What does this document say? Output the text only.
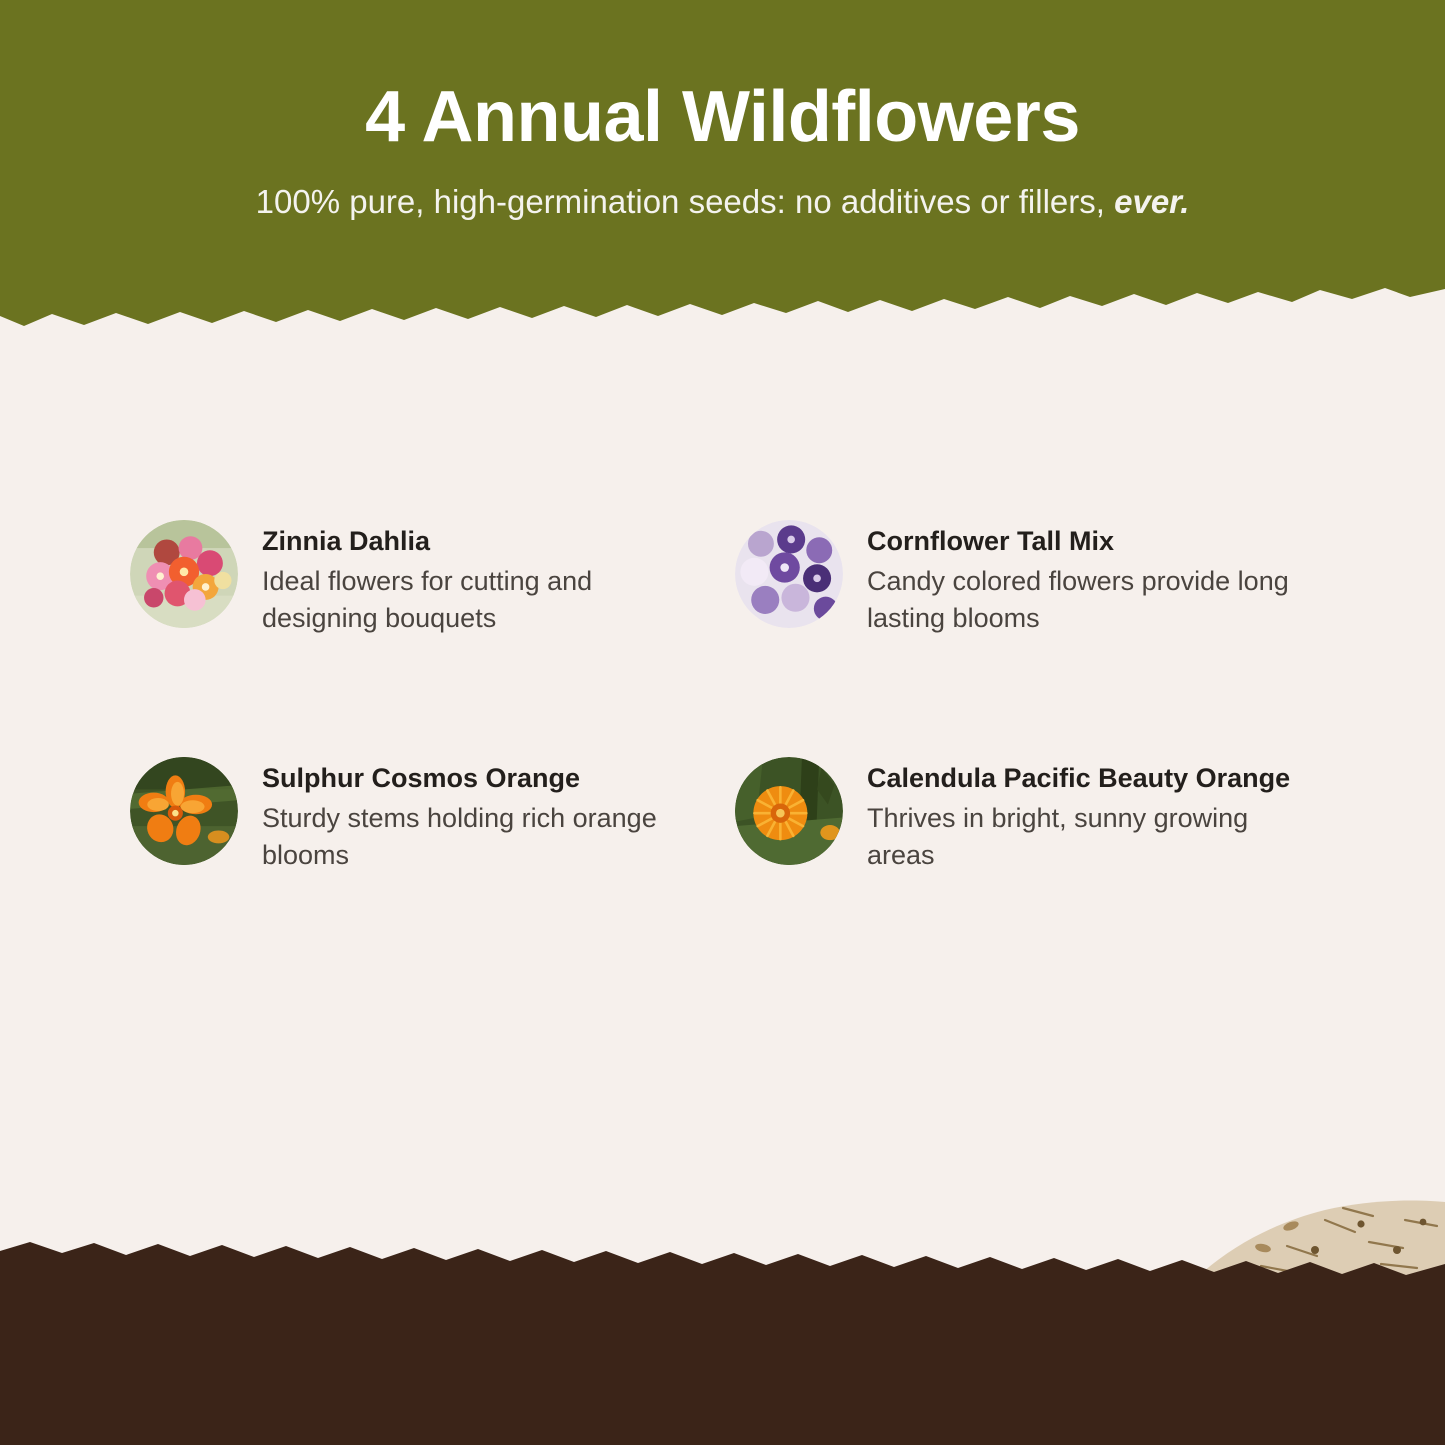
4 Annual Wildflowers
100% pure, high-germination seeds: no additives or fillers, ever.
Zinnia Dahlia
Ideal flowers for cutting and designing bouquets
Cornflower Tall Mix
Candy colored flowers provide long lasting blooms
Sulphur Cosmos Orange
Sturdy stems holding rich orange blooms
Calendula Pacific Beauty Orange
Thrives in bright, sunny growing areas
